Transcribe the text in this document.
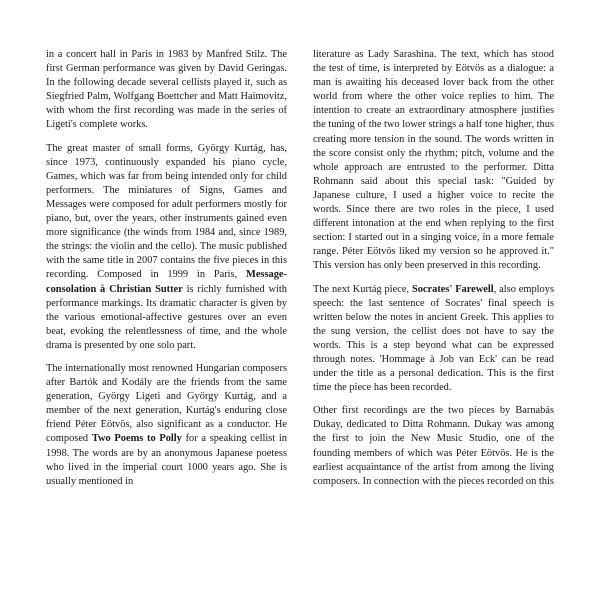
in a concert hall in Paris in 1983 by Manfred Stilz. The first German performance was given by David Geringas. In the following decade several cellists played it, such as Siegfried Palm, Wolfgang Boettcher and Matt Haimovitz, with whom the first recording was made in the series of Ligeti's complete works.

The great master of small forms, György Kurtág, has, since 1973, continuously expanded his piano cycle, Games, which was far from being intended only for child performers. The miniatures of Signs, Games and Messages were composed for adult performers mostly for piano, but, over the years, other instruments gained even more significance (the winds from 1984 and, since 1989, the strings: the violin and the cello). The music published with the same title in 2007 contains the five pieces in this recording. Composed in 1999 in Paris, Message-consolation à Christian Sutter is richly furnished with performance markings. Its dramatic character is given by the various emotional-affective gestures over an even beat, evoking the relentlessness of time, and the whole drama is presented by one solo part.

The internationally most renowned Hungarian composers after Bartók and Kodály are the friends from the same generation, György Ligeti and György Kurtág, and a member of the next generation, Kurtág's enduring close friend Péter Eötvös, also significant as a conductor. He composed Two Poems to Polly for a speaking cellist in 1998. The words are by an anonymous Japanese poetess who lived in the imperial court 1000 years ago. She is usually mentioned in

literature as Lady Sarashina. The text, which has stood the test of time, is interpreted by Eötvös as a dialogue: a man is awaiting his deceased lover back from the other world from where the other voice replies to him. The intention to create an extraordinary atmosphere justifies the tuning of the two lower strings a half tone higher, thus creating more tension in the sound. The words written in the score consist only the rhythm; pitch, volume and the whole approach are entrusted to the performer. Ditta Rohmann said about this special task: "Guided by Japanese culture, I used a higher voice to recite the words. Since there are two roles in the piece, I used different intonation at the end when replying to the first section: I started out in a singing voice, in a more female range. Péter Eötvös liked my version so he approved it." This version has only been preserved in this recording.

The next Kurtág piece, Socrates' Farewell, also employs speech: the last sentence of Socrates' final speech is written below the notes in ancient Greek. This applies to the sung version, the cellist does not have to say the words. This is a step beyond what can be expressed through notes. 'Hommage à Job van Eck' can be read under the title as a personal dedication. This is the first time the piece has been recorded.

Other first recordings are the two pieces by Barnabás Dukay, dedicated to Ditta Rohmann. Dukay was among the first to join the New Music Studio, one of the founding members of which was Péter Eötvös. He is the earliest acquaintance of the artist from among the living composers. In connection with the pieces recorded on this
